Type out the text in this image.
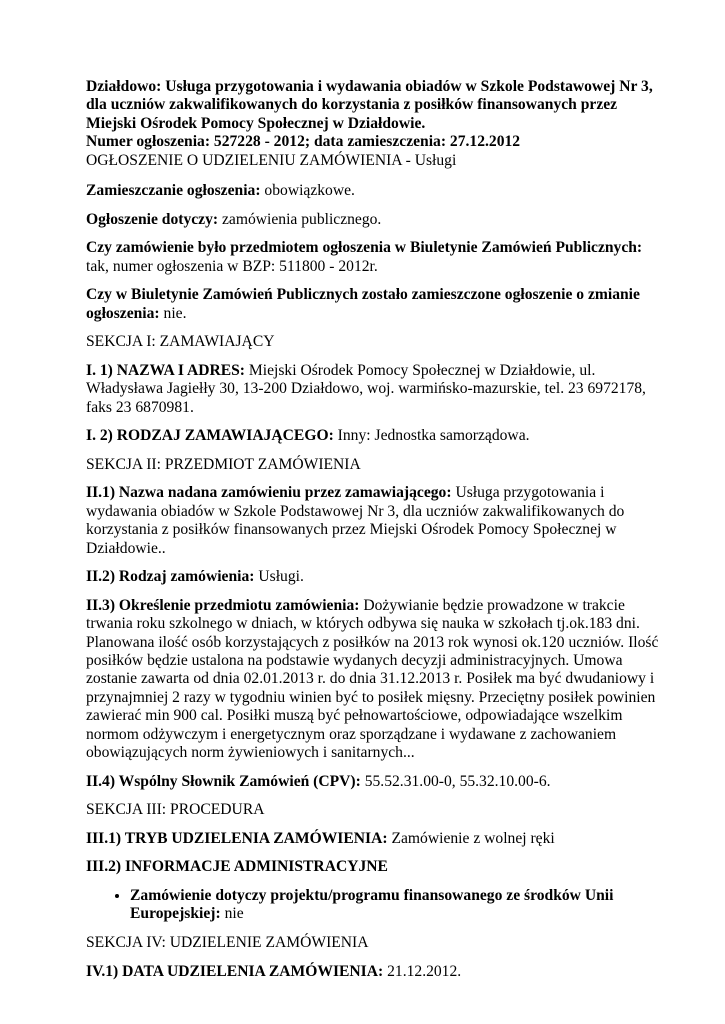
Działdowo: Usługa przygotowania i wydawania obiadów w Szkole Podstawowej Nr 3, dla uczniów zakwalifikowanych do korzystania z posiłków finansowanych przez Miejski Ośrodek Pomocy Społecznej w Działdowie.

Numer ogłoszenia: 527228 - 2012; data zamieszczenia: 27.12.2012

OGŁOSZENIE O UDZIELENIU ZAMÓWIENIA - Usługi

Zamieszczanie ogłoszenia: obowiązkowe.

Ogłoszenie dotyczy: zamówienia publicznego.

Czy zamówienie było przedmiotem ogłoszenia w Biuletynie Zamówień Publicznych: tak, numer ogłoszenia w BZP: 511800 - 2012r.

Czy w Biuletynie Zamówień Publicznych zostało zamieszczone ogłoszenie o zmianie ogłoszenia: nie.

SEKCJA I: ZAMAWIAJĄCY

I. 1) NAZWA I ADRES: Miejski Ośrodek Pomocy Społecznej w Działdowie, ul. Władysława Jagiełły 30, 13-200 Działdowo, woj. warmińsko-mazurskie, tel. 23 6972178, faks 23 6870981.

I. 2) RODZAJ ZAMAWIAJĄCEGO: Inny: Jednostka samorządowa.

SEKCJA II: PRZEDMIOT ZAMÓWIENIA

II.1) Nazwa nadana zamówieniu przez zamawiającego: Usługa przygotowania i wydawania obiadów w Szkole Podstawowej Nr 3, dla uczniów zakwalifikowanych do korzystania z posiłków finansowanych przez Miejski Ośrodek Pomocy Społecznej w Działdowie..

II.2) Rodzaj zamówienia: Usługi.

II.3) Określenie przedmiotu zamówienia: Dożywianie będzie prowadzone w trakcie trwania roku szkolnego w dniach, w których odbywa się nauka w szkołach tj.ok.183 dni. Planowana ilość osób korzystających z posiłków na 2013 rok wynosi ok.120 uczniów. Ilość posiłków będzie ustalona na podstawie wydanych decyzji administracyjnych. Umowa zostanie zawarta od dnia 02.01.2013 r. do dnia 31.12.2013 r. Posiłek ma być dwudaniowy i przynajmniej 2 razy w tygodniu winien być to posiłek mięsny. Przeciętny posiłek powinien zawierać min 900 cal. Posiłki muszą być pełnowartościowe, odpowiadające wszelkim normom odżywczym i energetycznym oraz sporządzane i wydawane z zachowaniem obowiązujących norm żywieniowych i sanitarnych...

II.4) Wspólny Słownik Zamówień (CPV): 55.52.31.00-0, 55.32.10.00-6.

SEKCJA III: PROCEDURA

III.1) TRYB UDZIELENIA ZAMÓWIENIA: Zamówienie z wolnej ręki

III.2) INFORMACJE ADMINISTRACYJNE

• Zamówienie dotyczy projektu/programu finansowanego ze środków Unii Europejskiej: nie

SEKCJA IV: UDZIELENIE ZAMÓWIENIA

IV.1) DATA UDZIELENIA ZAMÓWIENIA: 21.12.2012.
